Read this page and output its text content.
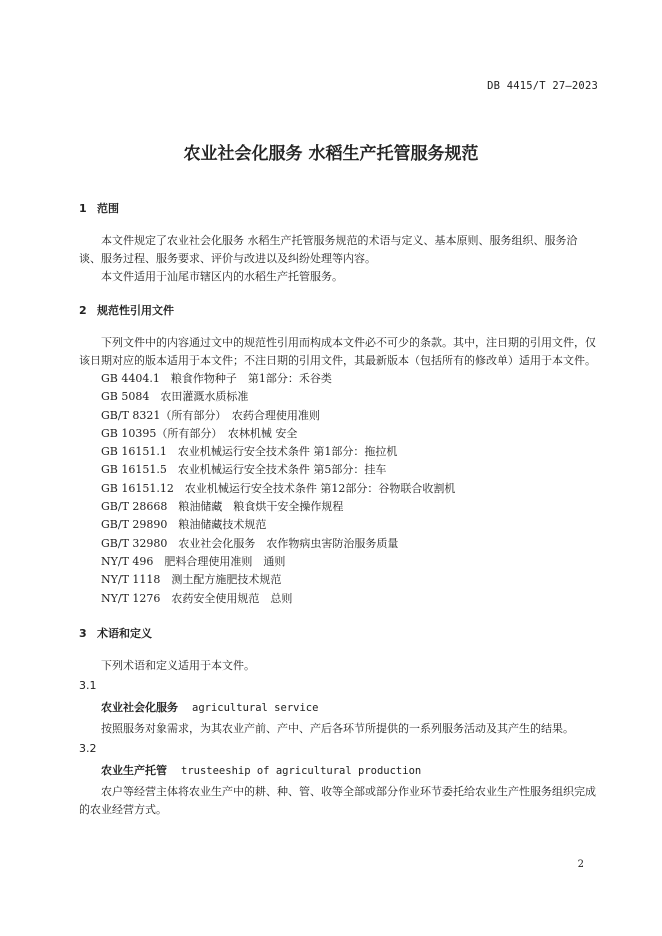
DB 4415/T 27—2023
农业社会化服务 水稻生产托管服务规范
1 范围

本文件规定了农业社会化服务 水稻生产托管服务规范的术语与定义、基本原则、服务组织、服务洽谈、服务过程、服务要求、评价与改进以及纠纷处理等内容。

本文件适用于汕尾市辖区内的水稻生产托管服务。

2 规范性引用文件

下列文件中的内容通过文中的规范性引用而构成本文件必不可少的条款。其中，注日期的引用文件，仅该日期对应的版本适用于本文件；不注日期的引用文件，其最新版本（包括所有的修改单）适用于本文件。

GB 4404.1　粮食作物种子　第1部分：禾谷类
GB 5084　农田灌溉水质标准
GB/T 8321（所有部分）　农药合理使用准则
GB 10395（所有部分）　农林机械 安全
GB 16151.1　农业机械运行安全技术条件 第1部分：拖拉机
GB 16151.5　农业机械运行安全技术条件 第5部分：挂车
GB 16151.12　农业机械运行安全技术条件 第12部分：谷物联合收割机
GB/T 28668　粮油储藏　粮食烘干安全操作规程
GB/T 29890　粮油储藏技术规范
GB/T 32980　农业社会化服务　农作物病虫害防治服务质量
NY/T 496　肥料合理使用准则　通则
NY/T 1118　测土配方施肥技术规范
NY/T 1276　农药安全使用规范　总则
3 术语和定义

下列术语和定义适用于本文件。

3.1
农业社会化服务 agricultural service

按照服务对象需求，为其农业产前、产中、产后各环节所提供的一系列服务活动及其产生的结果。

3.2
农业生产托管 trusteeship of agricultural production

农户等经营主体将农业生产中的耕、种、管、收等全部或部分作业环节委托给农业生产性服务组织完成的农业经营方式。

2
